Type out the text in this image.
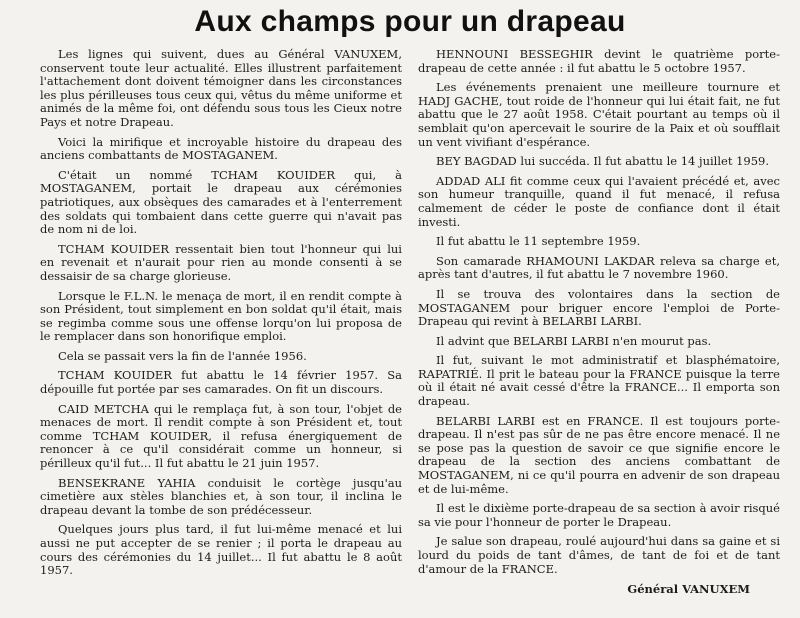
Aux champs pour un drapeau

Les lignes qui suivent, dues au Général VANUXEM, conservent toute leur actualité. Elles illustrent parfaitement l'attachement dont doivent témoigner dans les circonstances les plus périlleuses tous ceux qui, vêtus du même uniforme et animés de la même foi, ont défendu sous tous les Cieux notre Pays et notre Drapeau.

Voici la mirifique et incroyable histoire du drapeau des anciens combattants de MOSTAGANEM.

C'était un nommé TCHAM KOUIDER qui, à MOSTAGANEM, portait le drapeau aux cérémonies patriotiques, aux obsèques des camarades et à l'enterrement des soldats qui tombaient dans cette guerre qui n'avait pas de nom ni de loi.

TCHAM KOUIDER ressentait bien tout l'honneur qui lui en revenait et n'aurait pour rien au monde consenti à se dessaisir de sa charge glorieuse.

Lorsque le F.L.N. le menaça de mort, il en rendit compte à son Président, tout simplement en bon soldat qu'il était, mais se regimba comme sous une offense lorqu'on lui proposa de le remplacer dans son honorifique emploi.

Cela se passait vers la fin de l'année 1956.

TCHAM KOUIDER fut abattu le 14 février 1957. Sa dépouille fut portée par ses camarades. On fit un discours.

CAID METCHA qui le remplaça fut, à son tour, l'objet de menaces de mort. Il rendit compte à son Président et, tout comme TCHAM KOUIDER, il refusa énergiquement de renoncer à ce qu'il considérait comme un honneur, si périlleux qu'il fut... Il fut abattu le 21 juin 1957.

BENSEKRANE YAHIA conduisit le cortège jusqu'au cimetière aux stèles blanchies et, à son tour, il inclina le drapeau devant la tombe de son prédécesseur.

Quelques jours plus tard, il fut lui-même menacé et lui aussi ne put accepter de se renier ; il porta le drapeau au cours des cérémonies du 14 juillet... Il fut abattu le 8 août 1957.

HENNOUNI BESSEGHIR devint le quatrième porte-drapeau de cette année : il fut abattu le 5 octobre 1957.

Les événements prenaient une meilleure tournure et HADJ GACHE, tout roide de l'honneur qui lui était fait, ne fut abattu que le 27 août 1958. C'était pourtant au temps où il semblait qu'on apercevait le sourire de la Paix et où soufflait un vent vivifiant d'espérance.

BEY BAGDAD lui succéda. Il fut abattu le 14 juillet 1959.

ADDAD ALI fit comme ceux qui l'avaient précédé et, avec son humeur tranquille, quand il fut menacé, il refusa calmement de céder le poste de confiance dont il était investi.

Il fut abattu le 11 septembre 1959.

Son camarade RHAMOUNI LAKDAR releva sa charge et, après tant d'autres, il fut abattu le 7 novembre 1960.

Il se trouva des volontaires dans la section de MOSTAGANEM pour briguer encore l'emploi de Porte-Drapeau qui revint à BELARBI LARBI.

Il advint que BELARBI LARBI n'en mourut pas.

Il fut, suivant le mot administratif et blasphématoire, RAPATRIÉ. Il prit le bateau pour la FRANCE puisque la terre où il était né avait cessé d'être la FRANCE... Il emporta son drapeau.

BELARBI LARBI est en FRANCE. Il est toujours porte-drapeau. Il n'est pas sûr de ne pas être encore menacé. Il ne se pose pas la question de savoir ce que signifie encore le drapeau de la section des anciens combattant de MOSTAGANEM, ni ce qu'il pourra en advenir de son drapeau et de lui-même.

Il est le dixième porte-drapeau de sa section à avoir risqué sa vie pour l'honneur de porter le Drapeau.

Je salue son drapeau, roulé aujourd'hui dans sa gaine et si lourd du poids de tant d'âmes, de tant de foi et de tant d'amour de la FRANCE.

Général VANUXEM
